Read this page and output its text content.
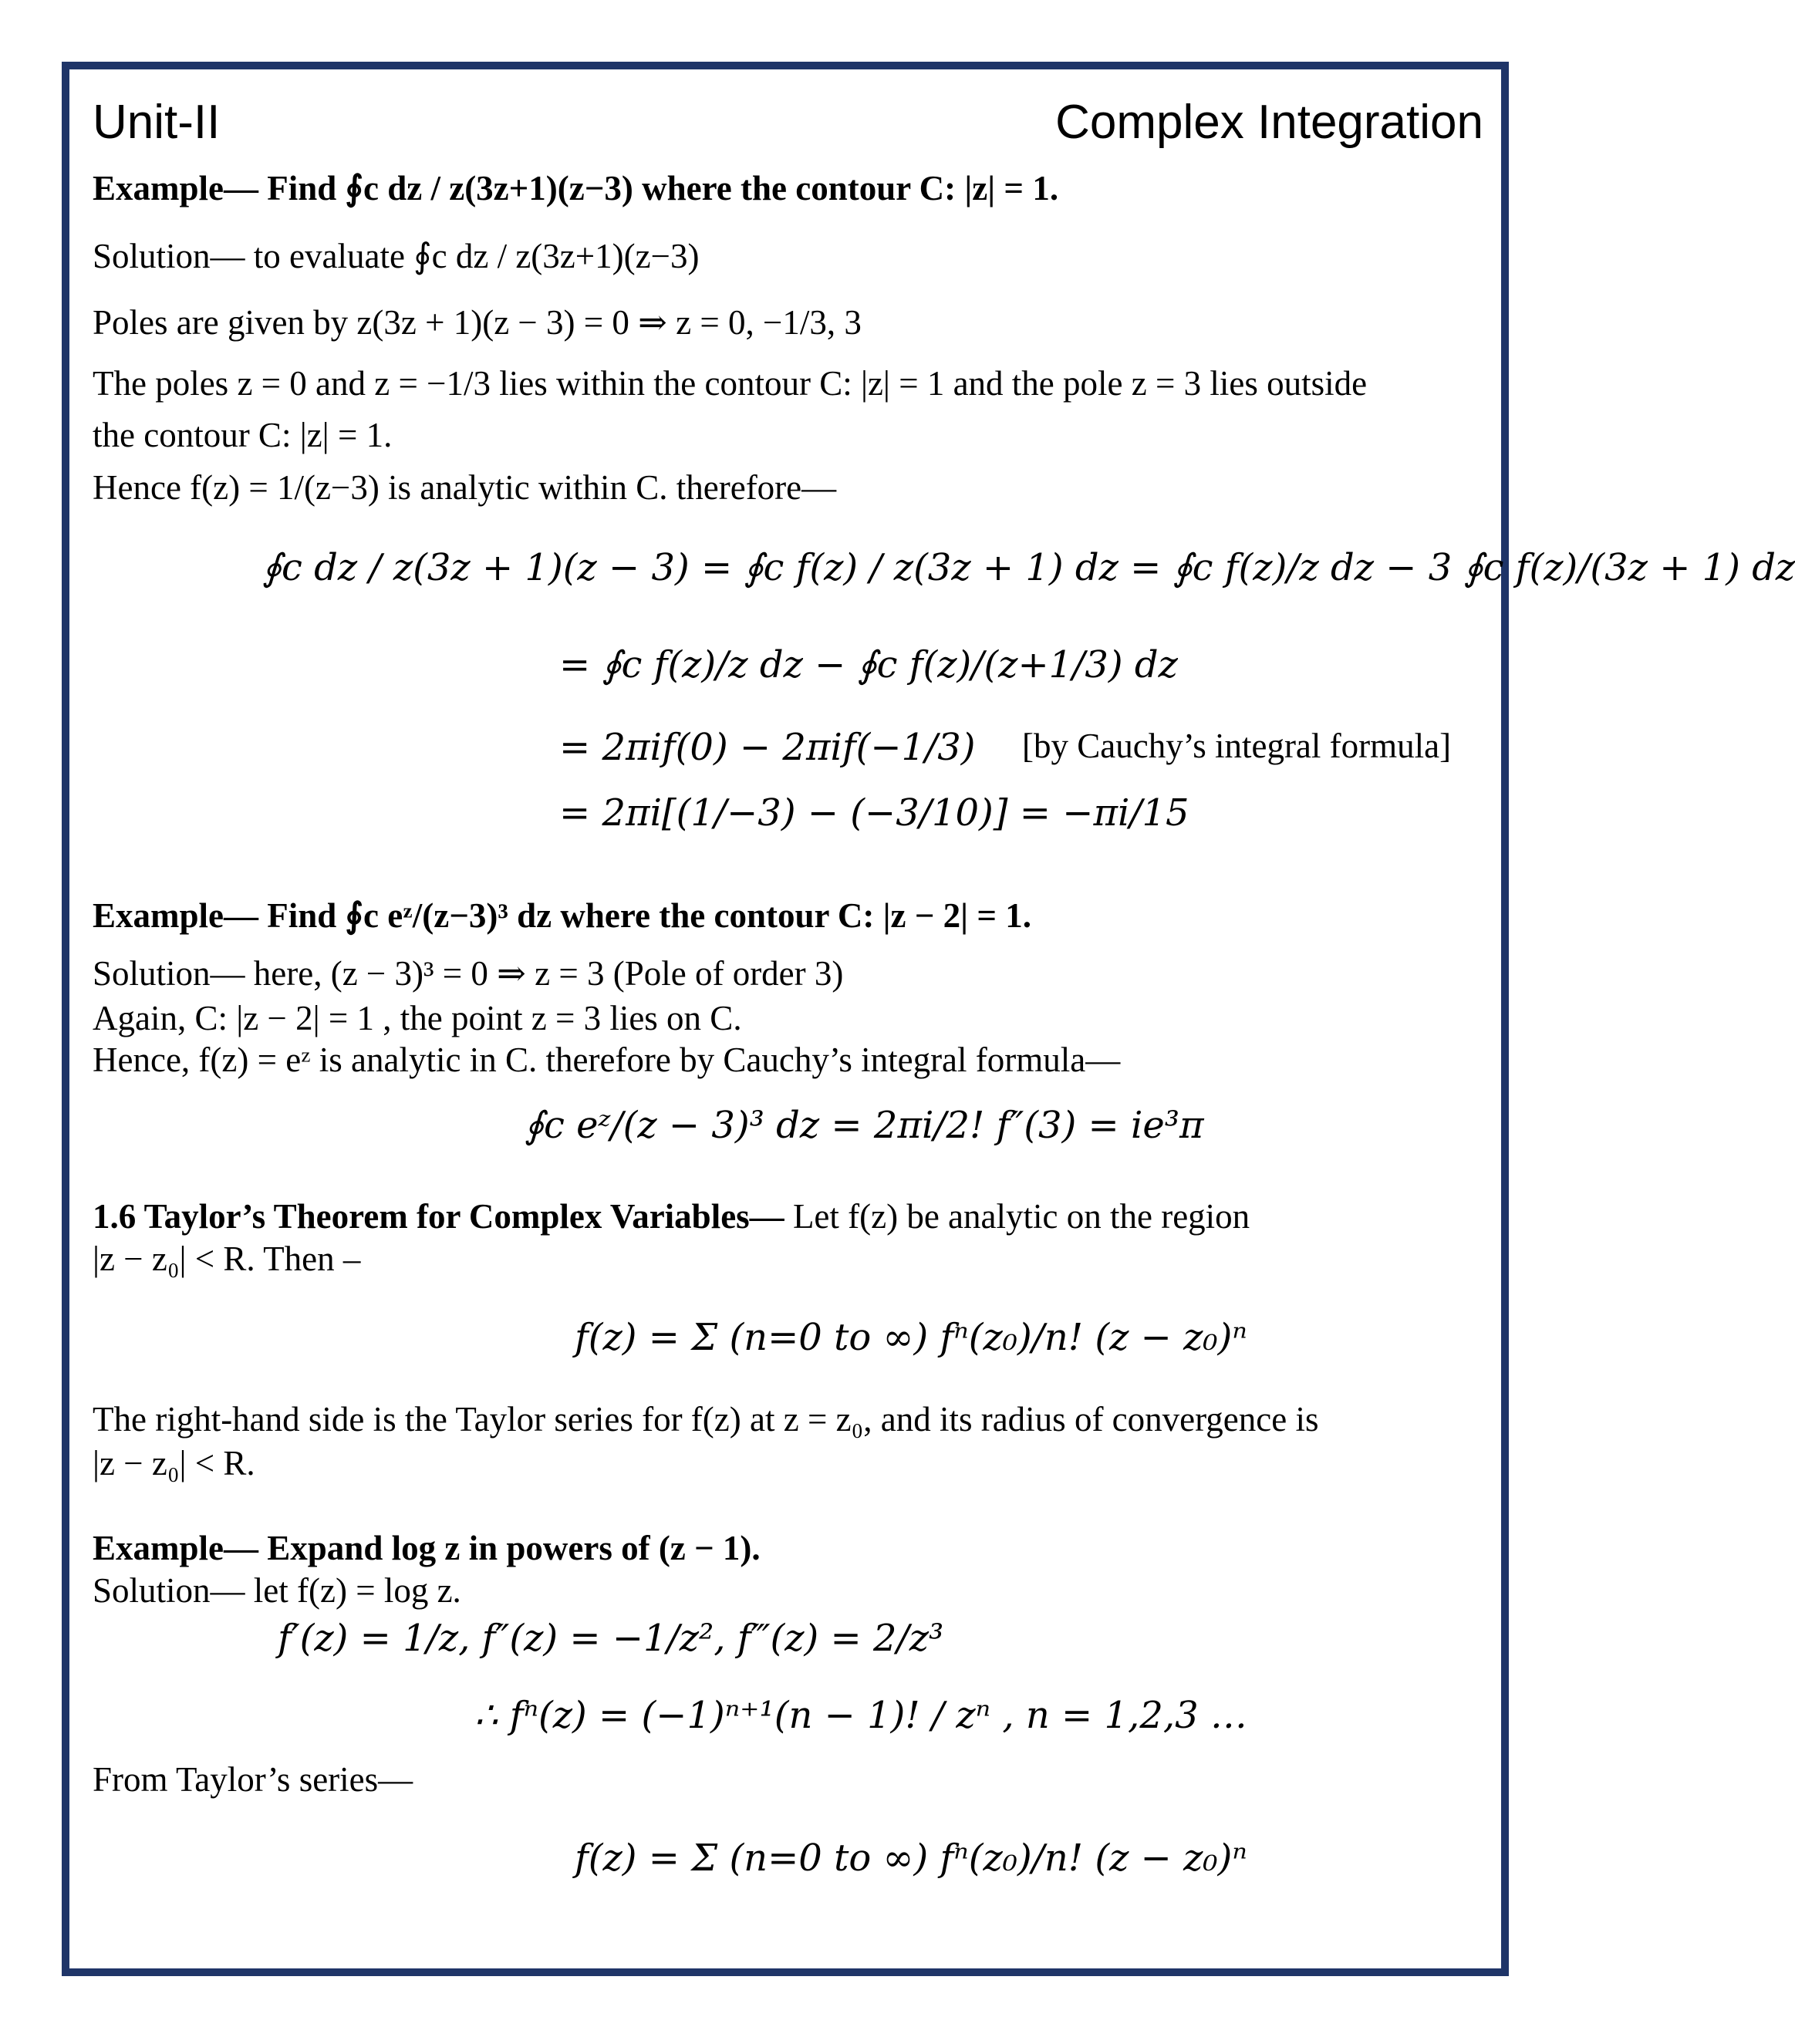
Unit-II	Complex Integration
Example— Find ∮c dz / z(3z+1)(z−3) where the contour C: |z| = 1.
Solution— to evaluate ∮c dz / z(3z+1)(z−3)
Poles are given by z(3z + 1)(z − 3) = 0 ⇒ z = 0, −1/3, 3
The poles z = 0 and z = −1/3 lies within the contour C: |z| = 1 and the pole z = 3 lies outside
the contour C: |z| = 1.
Hence f(z) = 1/(z−3) is analytic within C. therefore—
∮c dz / z(3z + 1)(z − 3) = ∮c f(z) / z(3z + 1) dz = ∮c f(z)/z dz − 3 ∮c f(z)/(3z + 1) dz
= ∮c f(z)/z dz − ∮c f(z)/(z+1/3) dz
= 2πif(0) − 2πif(−1/3) [by Cauchy’s integral formula]
= 2πi[(1/−3) − (−3/10)] = −πi/15
Example— Find ∮c eᶻ/(z−3)³ dz where the contour C: |z − 2| = 1.
Solution— here, (z − 3)³ = 0 ⇒ z = 3 (Pole of order 3)
Again, C: |z − 2| = 1 , the point z = 3 lies on C.
Hence, f(z) = eᶻ is analytic in C. therefore by Cauchy’s integral formula—
∮c eᶻ/(z − 3)³ dz = 2πi/2! f″(3) = ie³π
1.6 Taylor’s Theorem for Complex Variables— Let f(z) be analytic on the region
|z − z₀| < R. Then –
f(z) = Σ (n=0 to ∞) fⁿ(z₀)/n! (z − z₀)ⁿ
The right-hand side is the Taylor series for f(z) at z = z₀, and its radius of convergence is
|z − z₀| < R.
Example— Expand log z in powers of (z − 1).
Solution— let f(z) = log z.
f′(z) = 1/z, f″(z) = −1/z², f‴(z) = 2/z³
∴ fⁿ(z) = (−1)ⁿ⁺¹(n − 1)! / zⁿ , n = 1,2,3 …
From Taylor’s series—
f(z) = Σ (n=0 to ∞) fⁿ(z₀)/n! (z − z₀)ⁿ
